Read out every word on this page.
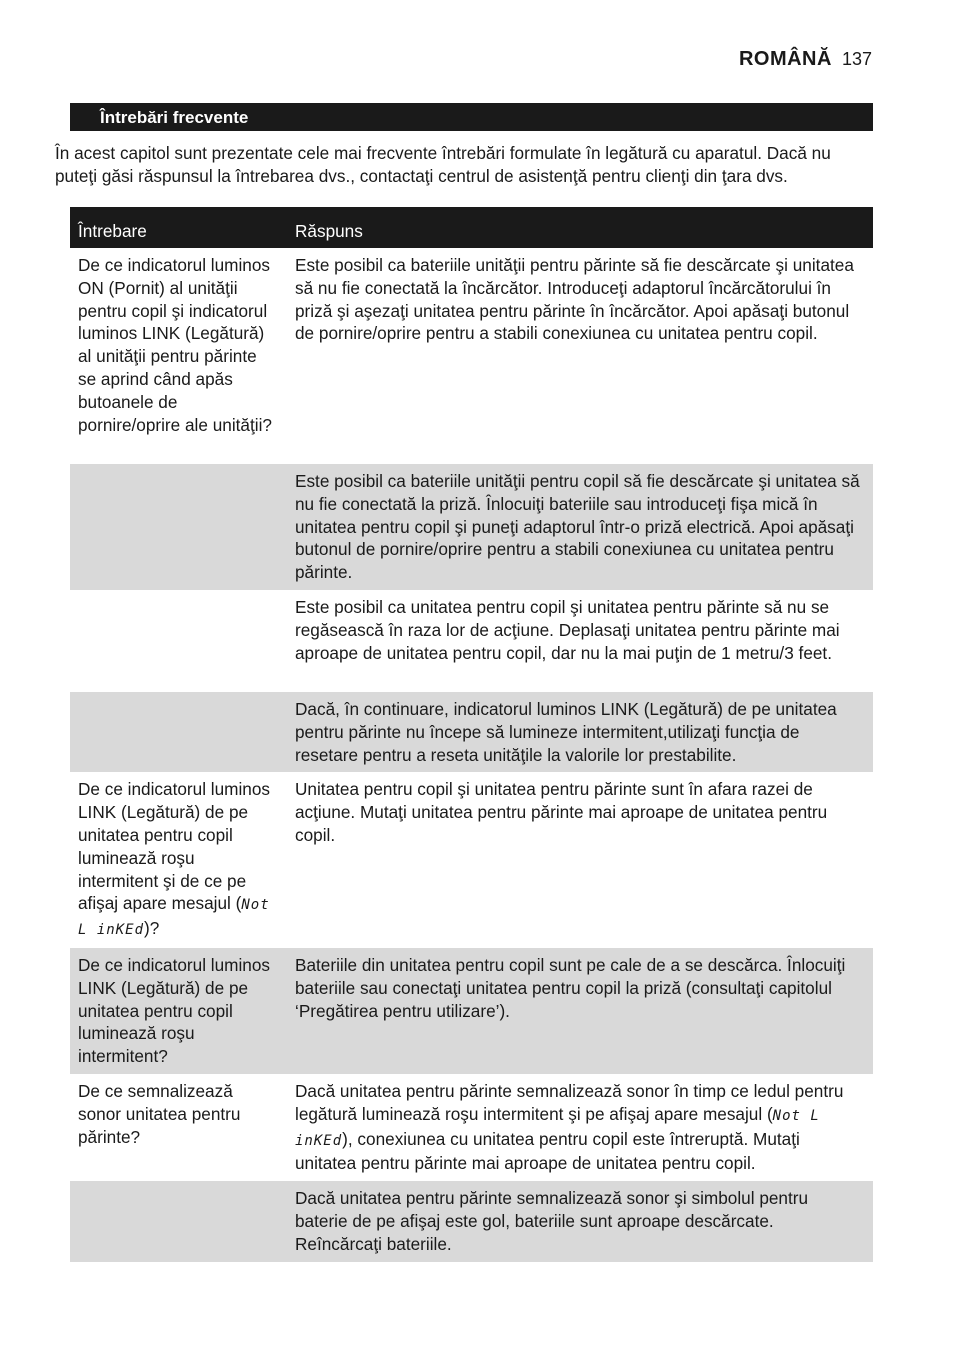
ROMÂNĂ 137
Întrebări frecvente

În acest capitol sunt prezentate cele mai frecvente întrebări formulate în legătură cu aparatul. Dacă nu puteţi găsi răspunsul la întrebarea dvs., contactaţi centrul de asistenţă pentru clienţi din ţara dvs.

Întrebare	Răspuns
De ce indicatorul luminos ON (Pornit) al unităţii pentru copil şi indicatorul luminos LINK (Legătură) al unităţii pentru părinte se aprind când apăs butoanele de pornire/oprire ale unităţii?	Este posibil ca bateriile unităţii pentru părinte să fie descărcate şi unitatea să nu fie conectată la încărcător. Introduceţi adaptorul încărcătorului în priză şi aşezaţi unitatea pentru părinte în încărcător. Apoi apăsaţi butonul de pornire/oprire pentru a stabili conexiunea cu unitatea pentru copil.
	Este posibil ca bateriile unităţii pentru copil să fie descărcate şi unitatea să nu fie conectată la priză. Înlocuiţi bateriile sau introduceţi fişa mică în unitatea pentru copil şi puneţi adaptorul într-o priză electrică. Apoi apăsaţi butonul de pornire/oprire pentru a stabili conexiunea cu unitatea pentru părinte.
	Este posibil ca unitatea pentru copil şi unitatea pentru părinte să nu se regăsească în raza lor de acţiune. Deplasaţi unitatea pentru părinte mai aproape de unitatea pentru copil, dar nu la mai puţin de 1 metru/3 feet.
	Dacă, în continuare, indicatorul luminos LINK (Legătură) de pe unitatea pentru părinte nu începe să lumineze intermitent,utilizaţi funcţia de resetare pentru a reseta unităţile la valorile lor prestabilite.
De ce indicatorul luminos LINK (Legătură) de pe unitatea pentru copil luminează roşu intermitent şi de ce pe afişaj apare mesajul (Not L inKEd)?	Unitatea pentru copil şi unitatea pentru părinte sunt în afara razei de acţiune. Mutaţi unitatea pentru părinte mai aproape de unitatea pentru copil.
De ce indicatorul luminos LINK (Legătură) de pe unitatea pentru copil luminează roşu intermitent?	Bateriile din unitatea pentru copil sunt pe cale de a se descărca. Înlocuiţi bateriile sau conectaţi unitatea pentru copil la priză (consultaţi capitolul ‘Pregătirea pentru utilizare’).
De ce semnalizează sonor unitatea pentru părinte?	Dacă unitatea pentru părinte semnalizează sonor în timp ce ledul pentru legătură luminează roşu intermitent şi pe afişaj apare mesajul (Not L inKEd), conexiunea cu unitatea pentru copil este întreruptă. Mutaţi unitatea pentru părinte mai aproape de unitatea pentru copil.
	Dacă unitatea pentru părinte semnalizează sonor şi simbolul pentru baterie de pe afişaj este gol, bateriile sunt aproape descărcate. Reîncărcaţi bateriile.
